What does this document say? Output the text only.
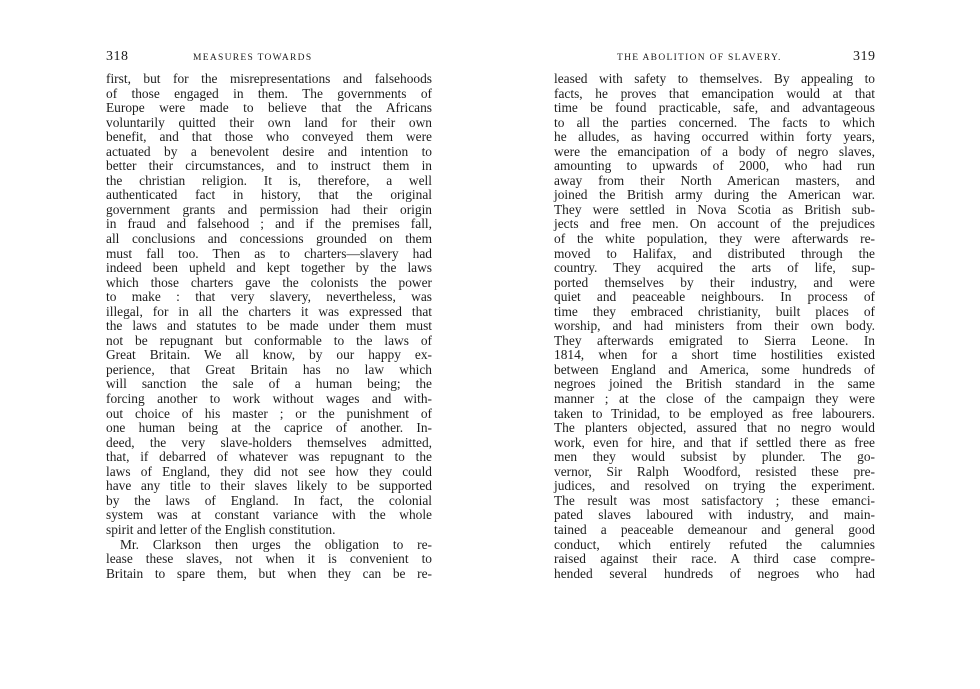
318	MEASURES TOWARDS
first, but for the misrepresentations and falsehoods
of those engaged in them. The governments of
Europe were made to believe that the Africans
voluntarily quitted their own land for their own
benefit, and that those who conveyed them were
actuated by a benevolent desire and intention to
better their circumstances, and to instruct them in
the christian religion. It is, therefore, a well
authenticated fact in history, that the original
government grants and permission had their origin
in fraud and falsehood ; and if the premises fall,
all conclusions and concessions grounded on them
must fall too. Then as to charters—slavery had
indeed been upheld and kept together by the laws
which those charters gave the colonists the power
to make : that very slavery, nevertheless, was
illegal, for in all the charters it was expressed that
the laws and statutes to be made under them must
not be repugnant but conformable to the laws of
Great Britain. We all know, by our happy ex-
perience, that Great Britain has no law which
will sanction the sale of a human being; the
forcing another to work without wages and with-
out choice of his master ; or the punishment of
one human being at the caprice of another. In-
deed, the very slave-holders themselves admitted,
that, if debarred of whatever was repugnant to the
laws of England, they did not see how they could
have any title to their slaves likely to be supported
by the laws of England. In fact, the colonial
system was at constant variance with the whole
spirit and letter of the English constitution.
Mr. Clarkson then urges the obligation to re-
lease these slaves, not when it is convenient to
Britain to spare them, but when they can be re-
THE ABOLITION OF SLAVERY.	319
leased with safety to themselves. By appealing to
facts, he proves that emancipation would at that
time be found practicable, safe, and advantageous
to all the parties concerned. The facts to which
he alludes, as having occurred within forty years,
were the emancipation of a body of negro slaves,
amounting to upwards of 2000, who had run
away from their North American masters, and
joined the British army during the American war.
They were settled in Nova Scotia as British sub-
jects and free men. On account of the prejudices
of the white population, they were afterwards re-
moved to Halifax, and distributed through the
country. They acquired the arts of life, sup-
ported themselves by their industry, and were
quiet and peaceable neighbours. In process of
time they embraced christianity, built places of
worship, and had ministers from their own body.
They afterwards emigrated to Sierra Leone. In
1814, when for a short time hostilities existed
between England and America, some hundreds of
negroes joined the British standard in the same
manner ; at the close of the campaign they were
taken to Trinidad, to be employed as free labourers.
The planters objected, assured that no negro would
work, even for hire, and that if settled there as free
men they would subsist by plunder. The go-
vernor, Sir Ralph Woodford, resisted these pre-
judices, and resolved on trying the experiment.
The result was most satisfactory ; these emanci-
pated slaves laboured with industry, and main-
tained a peaceable demeanour and general good
conduct, which entirely refuted the calumnies
raised against their race. A third case compre-
hended several hundreds of negroes who had
